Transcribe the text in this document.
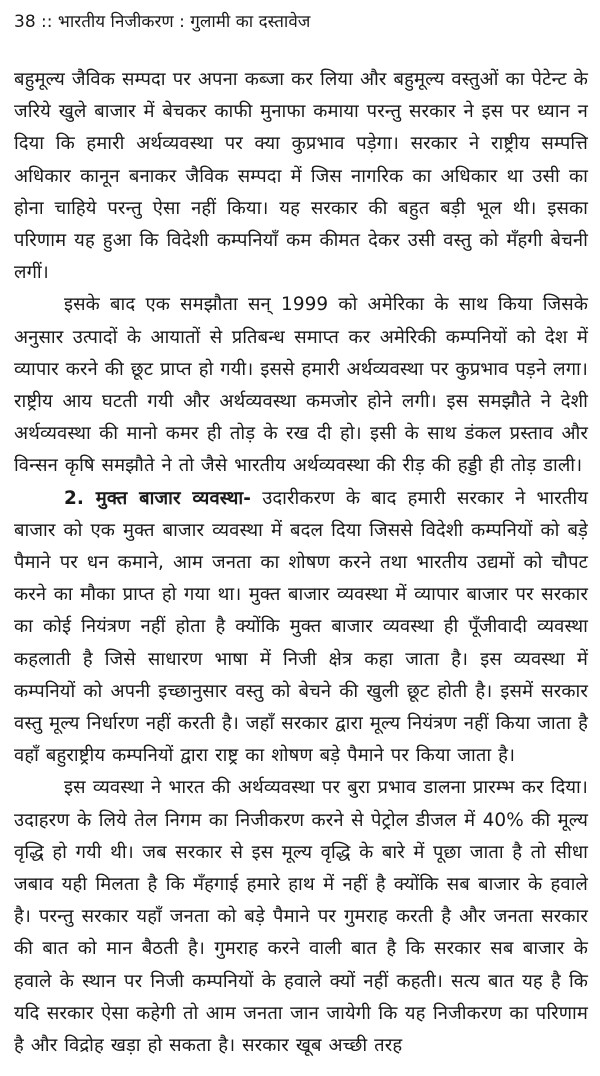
38 :: भारतीय निजीकरण : गुलामी का दस्तावेज

बहुमूल्य जैविक सम्पदा पर अपना कब्जा कर लिया और बहुमूल्य वस्तुओं का पेटेन्ट के जरिये खुले बाजार में बेचकर काफी मुनाफा कमाया परन्तु सरकार ने इस पर ध्यान न दिया कि हमारी अर्थव्यवस्था पर क्या कुप्रभाव पड़ेगा। सरकार ने राष्ट्रीय सम्पत्ति अधिकार कानून बनाकर जैविक सम्पदा में जिस नागरिक का अधिकार था उसी का होना चाहिये परन्तु ऐसा नहीं किया। यह सरकार की बहुत बड़ी भूल थी। इसका परिणाम यह हुआ कि विदेशी कम्पनियाँ कम कीमत देकर उसी वस्तु को मँहगी बेचनी लगीं।

इसके बाद एक समझौता सन् 1999 को अमेरिका के साथ किया जिसके अनुसार उत्पादों के आयातों से प्रतिबन्ध समाप्त कर अमेरिकी कम्पनियों को देश में व्यापार करने की छूट प्राप्त हो गयी। इससे हमारी अर्थव्यवस्था पर कुप्रभाव पड़ने लगा। राष्ट्रीय आय घटती गयी और अर्थव्यवस्था कमजोर होने लगी। इस समझौते ने देशी अर्थव्यवस्था की मानो कमर ही तोड़ के रख दी हो। इसी के साथ डंकल प्रस्ताव और विन्सन कृषि समझौते ने तो जैसे भारतीय अर्थव्यवस्था की रीड़ की हड्डी ही तोड़ डाली।

2. मुक्त बाजार व्यवस्था- उदारीकरण के बाद हमारी सरकार ने भारतीय बाजार को एक मुक्त बाजार व्यवस्था में बदल दिया जिससे विदेशी कम्पनियों को बड़े पैमाने पर धन कमाने, आम जनता का शोषण करने तथा भारतीय उद्यमों को चौपट करने का मौका प्राप्त हो गया था। मुक्त बाजार व्यवस्था में व्यापार बाजार पर सरकार का कोई नियंत्रण नहीं होता है क्योंकि मुक्त बाजार व्यवस्था ही पूँजीवादी व्यवस्था कहलाती है जिसे साधारण भाषा में निजी क्षेत्र कहा जाता है। इस व्यवस्था में कम्पनियों को अपनी इच्छानुसार वस्तु को बेचने की खुली छूट होती है। इसमें सरकार वस्तु मूल्य निर्धारण नहीं करती है। जहाँ सरकार द्वारा मूल्य नियंत्रण नहीं किया जाता है वहाँ बहुराष्ट्रीय कम्पनियों द्वारा राष्ट्र का शोषण बड़े पैमाने पर किया जाता है।

इस व्यवस्था ने भारत की अर्थव्यवस्था पर बुरा प्रभाव डालना प्रारम्भ कर दिया। उदाहरण के लिये तेल निगम का निजीकरण करने से पेट्रोल डीजल में 40% की मूल्य वृद्धि हो गयी थी। जब सरकार से इस मूल्य वृद्धि के बारे में पूछा जाता है तो सीधा जबाव यही मिलता है कि मँहगाई हमारे हाथ में नहीं है क्योंकि सब बाजार के हवाले है। परन्तु सरकार यहाँ जनता को बड़े पैमाने पर गुमराह करती है और जनता सरकार की बात को मान बैठती है। गुमराह करने वाली बात है कि सरकार सब बाजार के हवाले के स्थान पर निजी कम्पनियों के हवाले क्यों नहीं कहती। सत्य बात यह है कि यदि सरकार ऐसा कहेगी तो आम जनता जान जायेगी कि यह निजीकरण का परिणाम है और विद्रोह खड़ा हो सकता है। सरकार खूब अच्छी तरह
